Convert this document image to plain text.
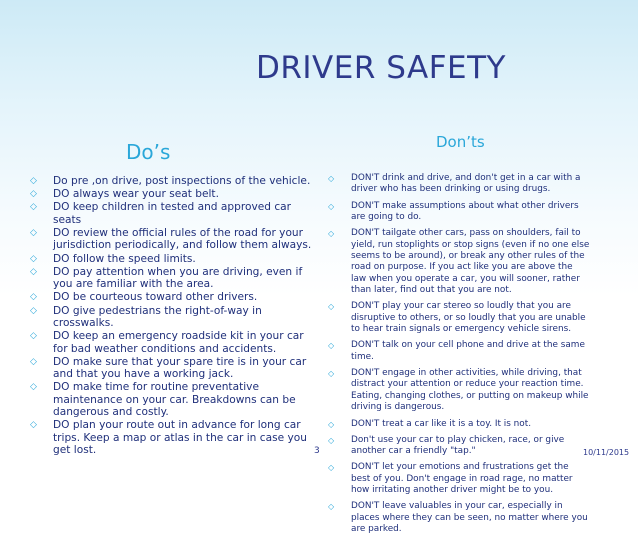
DRIVER SAFETY
Do’s	Don’ts
◇ Do pre ,on drive, post inspections of the vehicle.
◇ DO always wear your seat belt.
◇ DO keep children in tested and approved car seats
◇ DO review the official rules of the road for your jurisdiction periodically, and follow them always.
◇ DO follow the speed limits.
◇ DO pay attention when you are driving, even if you are familiar with the area.
◇ DO be courteous toward other drivers.
◇ DO give pedestrians the right-of-way in crosswalks.
◇ DO keep an emergency roadside kit in your car for bad weather conditions and accidents.
◇ DO make sure that your spare tire is in your car and that you have a working jack.
◇ DO make time for routine preventative maintenance on your car. Breakdowns can be dangerous and costly.
◇ DO plan your route out in advance for long car trips. Keep a map or atlas in the car in case you get lost.
◇ DON'T drink and drive, and don't get in a car with a driver who has been drinking or using drugs.
◇ DON'T make assumptions about what other drivers are going to do.
◇ DON'T tailgate other cars, pass on shoulders, fail to yield, run stoplights or stop signs (even if no one else seems to be around), or break any other rules of the road on purpose. If you act like you are above the law when you operate a car, you will sooner, rather than later, find out that you are not.
◇ DON'T play your car stereo so loudly that you are disruptive to others, or so loudly that you are unable to hear train signals or emergency vehicle sirens.
◇ DON'T talk on your cell phone and drive at the same time.
◇ DON'T engage in other activities, while driving, that distract your attention or reduce your reaction time. Eating, changing clothes, or putting on makeup while driving is dangerous.
◇ DON'T treat a car like it is a toy. It is not.
◇ Don't use your car to play chicken, race, or give another car a friendly "tap."
◇ DON'T let your emotions and frustrations get the best of you. Don't engage in road rage, no matter how irritating another driver might be to you.
◇ DON'T leave valuables in your car, especially in places where they can be seen, no matter where you are parked.
3	10/11/2015
